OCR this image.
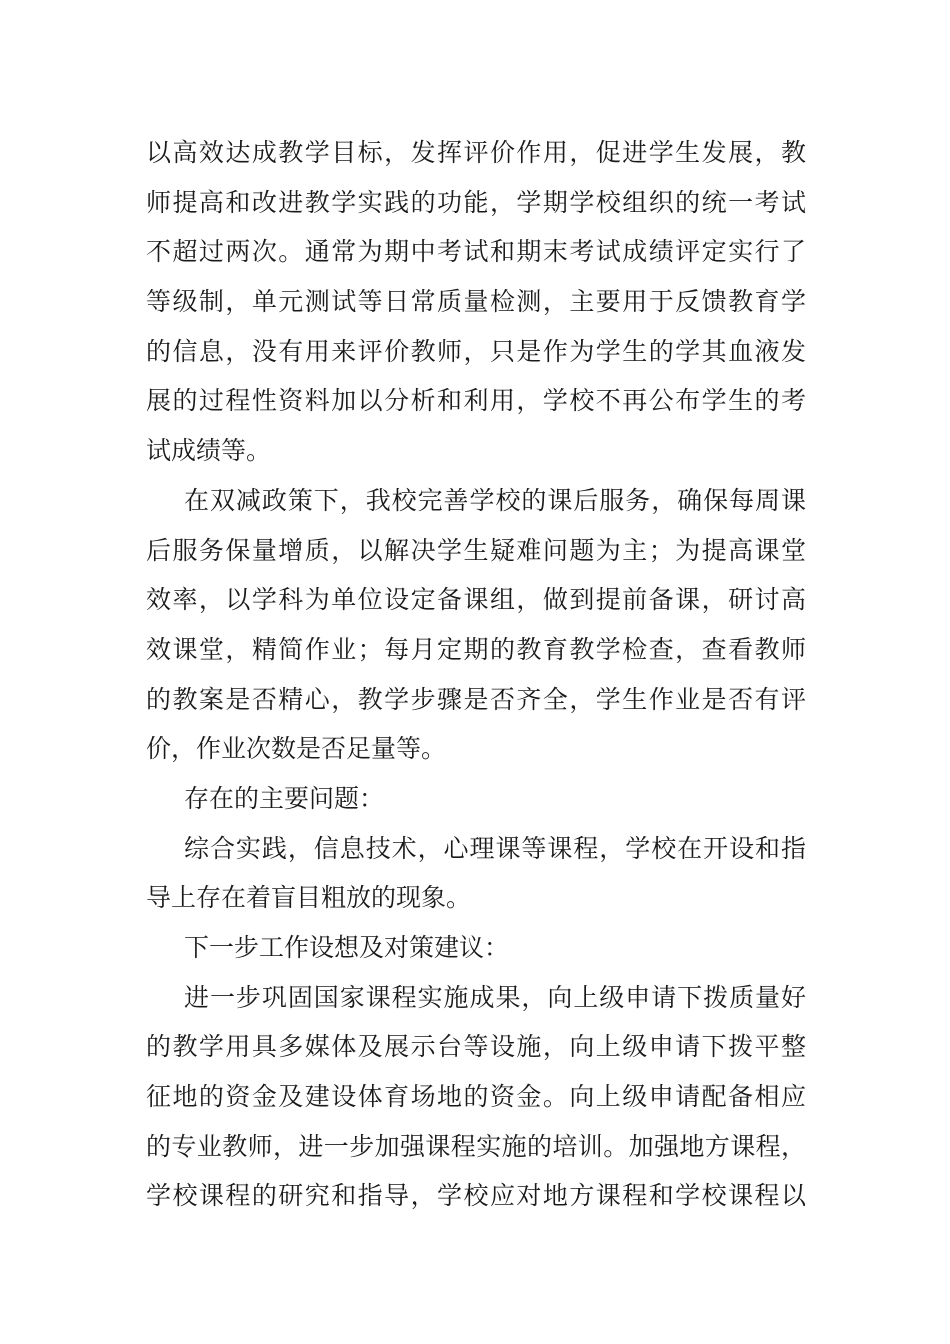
以高效达成教学目标，发挥评价作用，促进学生发展，教
师提高和改进教学实践的功能，学期学校组织的统一考试
不超过两次。通常为期中考试和期末考试成绩评定实行了
等级制，单元测试等日常质量检测，主要用于反馈教育学
的信息，没有用来评价教师，只是作为学生的学其血液发
展的过程性资料加以分析和利用，学校不再公布学生的考
试成绩等。
在双减政策下，我校完善学校的课后服务，确保每周课
后服务保量增质，以解决学生疑难问题为主；为提高课堂
效率，以学科为单位设定备课组，做到提前备课，研讨高
效课堂，精简作业；每月定期的教育教学检查，查看教师
的教案是否精心，教学步骤是否齐全，学生作业是否有评
价，作业次数是否足量等。
存在的主要问题：
综合实践，信息技术，心理课等课程，学校在开设和指
导上存在着盲目粗放的现象。
下一步工作设想及对策建议：
进一步巩固国家课程实施成果，向上级申请下拨质量好
的教学用具多媒体及展示台等设施，向上级申请下拨平整
征地的资金及建设体育场地的资金。向上级申请配备相应
的专业教师，进一步加强课程实施的培训。加强地方课程，
学校课程的研究和指导，学校应对地方课程和学校课程以
